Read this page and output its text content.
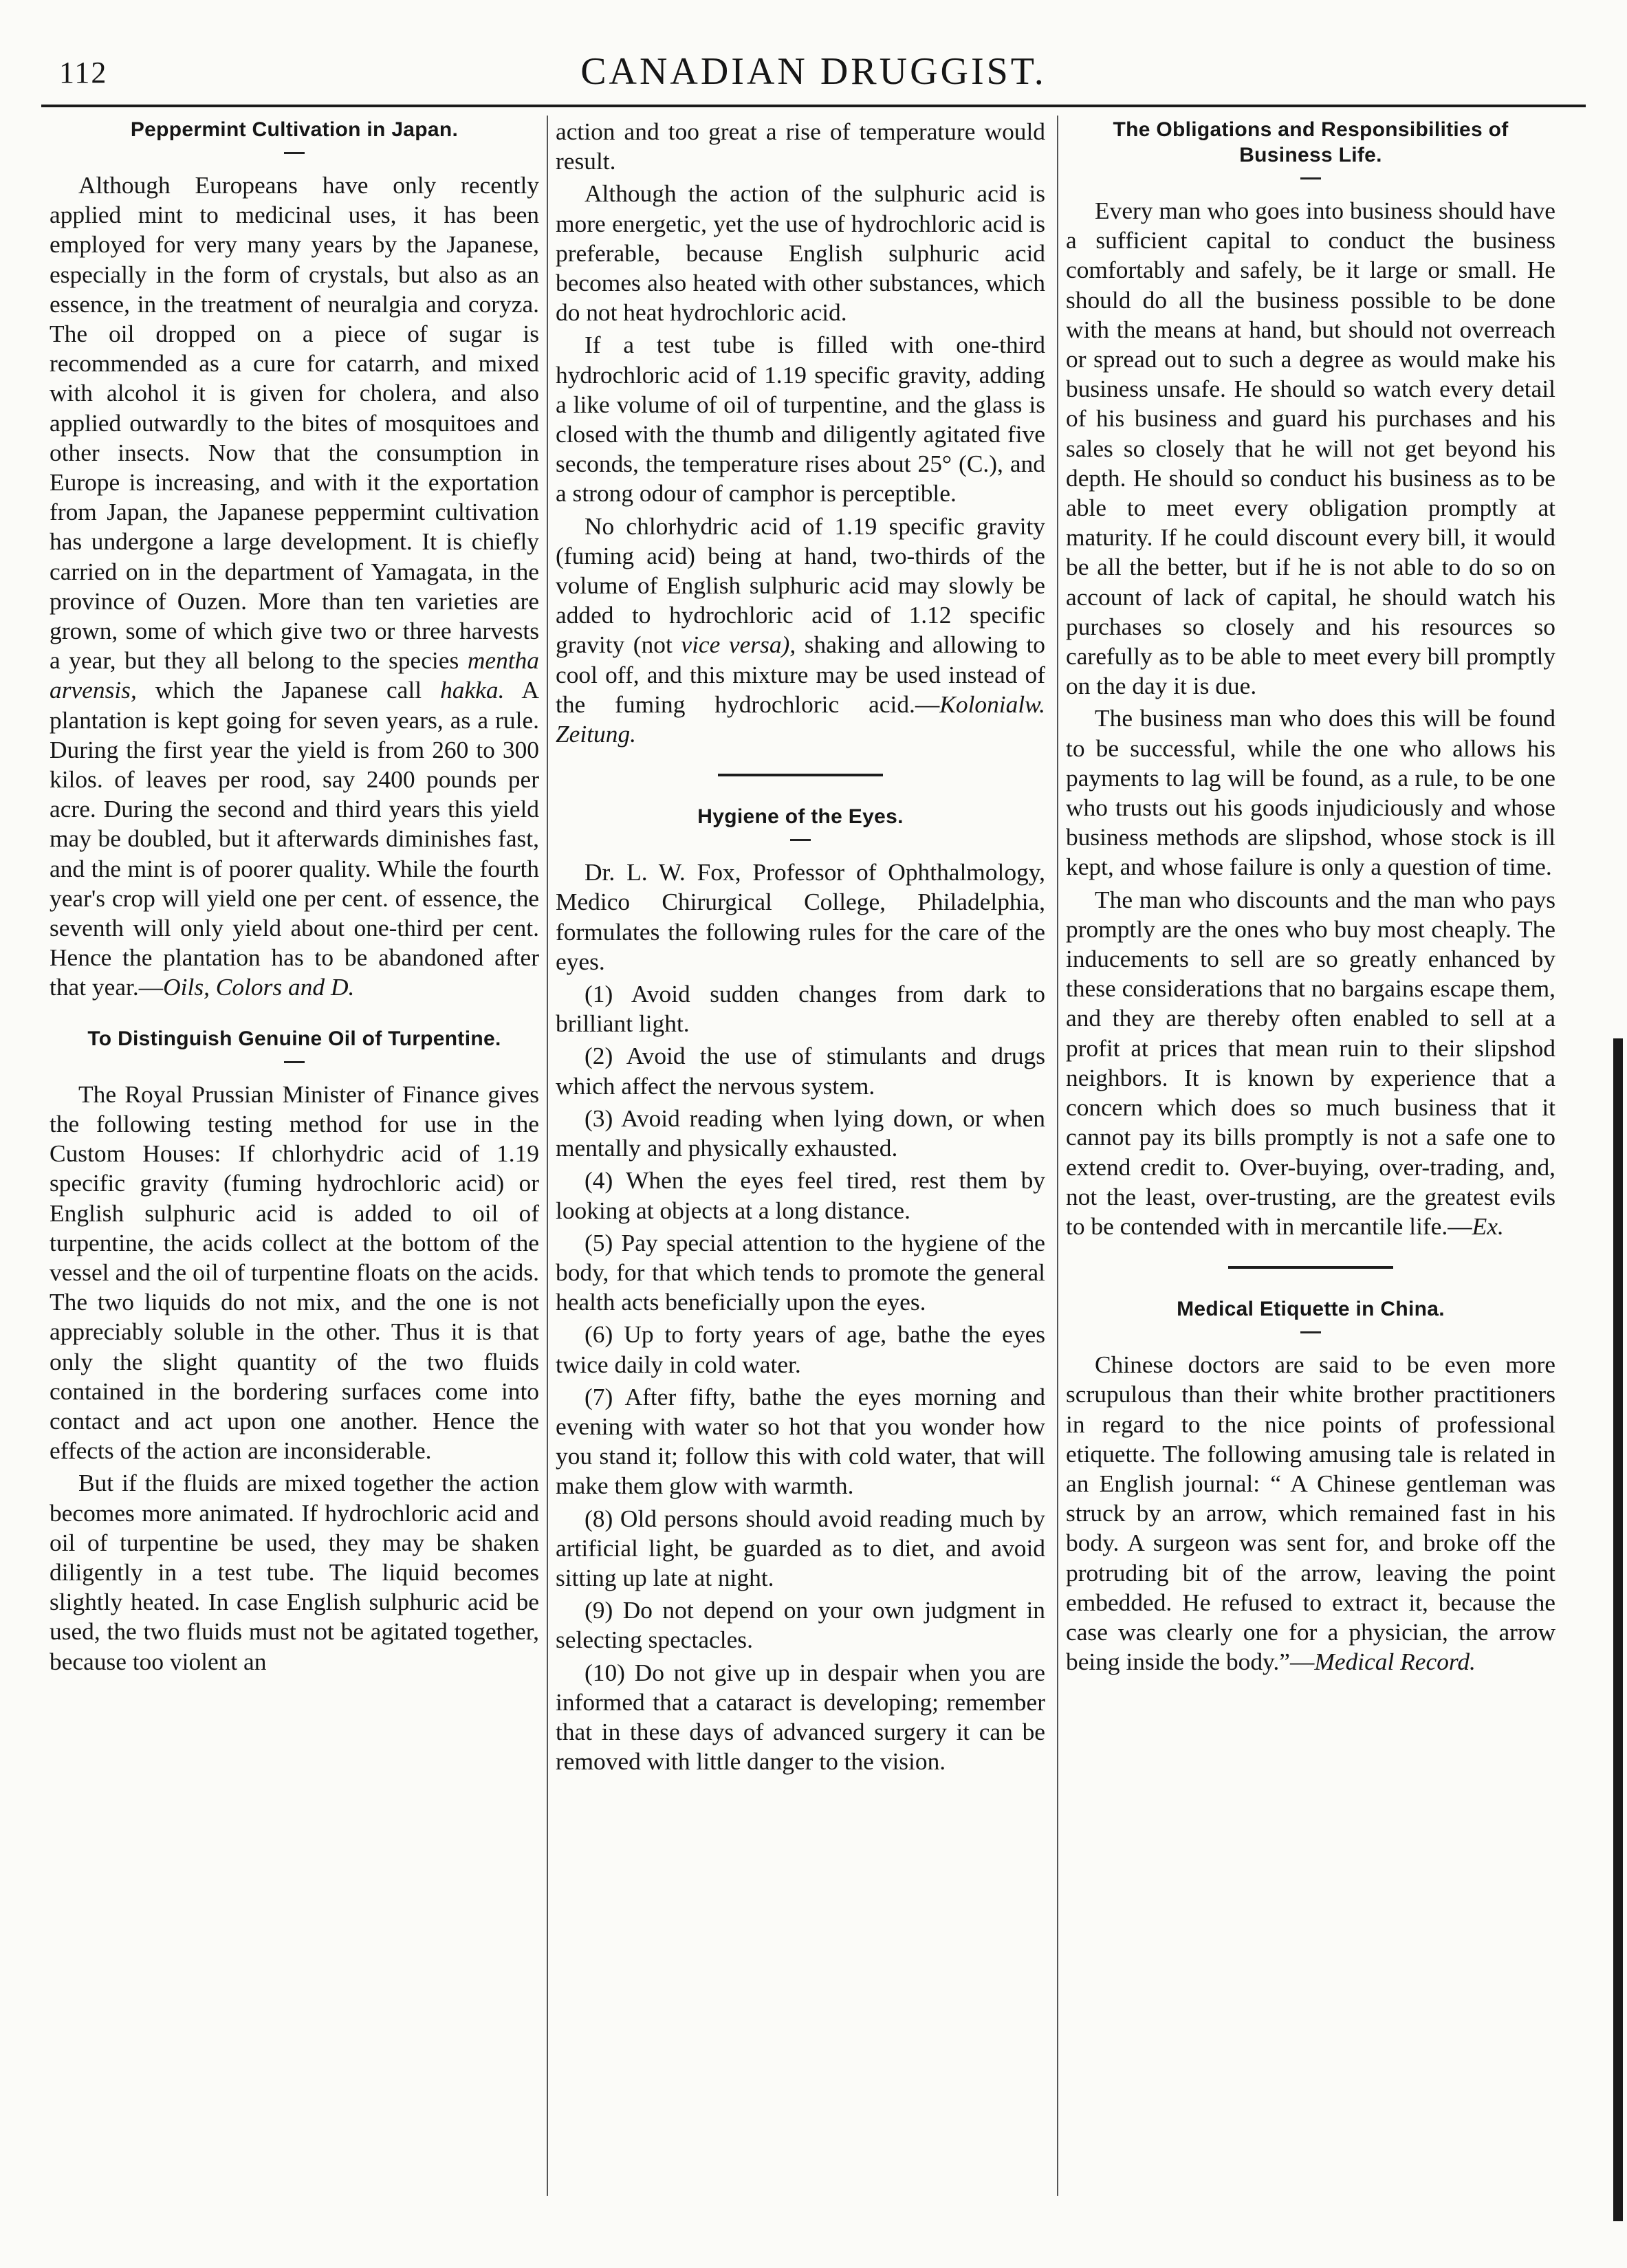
112	CANADIAN DRUGGIST.
Peppermint Cultivation in Japan.

Although Europeans have only recently applied mint to medicinal uses, it has been employed for very many years by the Japanese, especially in the form of crystals, but also as an essence, in the treatment of neuralgia and coryza. The oil dropped on a piece of sugar is recommended as a cure for catarrh, and mixed with alcohol it is given for cholera, and also applied outwardly to the bites of mosquitoes and other insects. Now that the consumption in Europe is increasing, and with it the exportation from Japan, the Japanese peppermint cultivation has undergone a large development. It is chiefly carried on in the department of Yamagata, in the province of Ouzen. More than ten varieties are grown, some of which give two or three harvests a year, but they all belong to the species mentha arvensis, which the Japanese call hakka. A plantation is kept going for seven years, as a rule. During the first year the yield is from 260 to 300 kilos. of leaves per rood, say 2400 pounds per acre. During the second and third years this yield may be doubled, but it afterwards diminishes fast, and the mint is of poorer quality. While the fourth year's crop will yield one per cent. of essence, the seventh will only yield about one-third per cent. Hence the plantation has to be abandoned after that year.—Oils, Colors and D.

To Distinguish Genuine Oil of Turpentine.

The Royal Prussian Minister of Finance gives the following testing method for use in the Custom Houses: If chlorhydric acid of 1.19 specific gravity (fuming hydrochloric acid) or English sulphuric acid is added to oil of turpentine, the acids collect at the bottom of the vessel and the oil of turpentine floats on the acids. The two liquids do not mix, and the one is not appreciably soluble in the other. Thus it is that only the slight quantity of the two fluids contained in the bordering surfaces come into contact and act upon one another. Hence the effects of the action are inconsiderable.

But if the fluids are mixed together the action becomes more animated. If hydrochloric acid and oil of turpentine be used, they may be shaken diligently in a test tube. The liquid becomes slightly heated. In case English sulphuric acid be used, the two fluids must not be agitated together, because too violent an

action and too great a rise of temperature would result.

Although the action of the sulphuric acid is more energetic, yet the use of hydrochloric acid is preferable, because English sulphuric acid becomes also heated with other substances, which do not heat hydrochloric acid.

If a test tube is filled with one-third hydrochloric acid of 1.19 specific gravity, adding a like volume of oil of turpentine, and the glass is closed with the thumb and diligently agitated five seconds, the temperature rises about 25° (C.), and a strong odour of camphor is perceptible.

No chlorhydric acid of 1.19 specific gravity (fuming acid) being at hand, two-thirds of the volume of English sulphuric acid may slowly be added to hydrochloric acid of 1.12 specific gravity (not vice versa), shaking and allowing to cool off, and this mixture may be used instead of the fuming hydrochloric acid.—Kolonialw. Zeitung.

Hygiene of the Eyes.

Dr. L. W. Fox, Professor of Ophthalmology, Medico Chirurgical College, Philadelphia, formulates the following rules for the care of the eyes.

(1) Avoid sudden changes from dark to brilliant light.

(2) Avoid the use of stimulants and drugs which affect the nervous system.

(3) Avoid reading when lying down, or when mentally and physically exhausted.

(4) When the eyes feel tired, rest them by looking at objects at a long distance.

(5) Pay special attention to the hygiene of the body, for that which tends to promote the general health acts beneficially upon the eyes.

(6) Up to forty years of age, bathe the eyes twice daily in cold water.

(7) After fifty, bathe the eyes morning and evening with water so hot that you wonder how you stand it; follow this with cold water, that will make them glow with warmth.

(8) Old persons should avoid reading much by artificial light, be guarded as to diet, and avoid sitting up late at night.

(9) Do not depend on your own judgment in selecting spectacles.

(10) Do not give up in despair when you are informed that a cataract is developing; remember that in these days of advanced surgery it can be removed with little danger to the vision.

The Obligations and Responsibilities of Business Life.

Every man who goes into business should have a sufficient capital to conduct the business comfortably and safely, be it large or small. He should do all the business possible to be done with the means at hand, but should not overreach or spread out to such a degree as would make his business unsafe. He should so watch every detail of his business and guard his purchases and his sales so closely that he will not get beyond his depth. He should so conduct his business as to be able to meet every obligation promptly at maturity. If he could discount every bill, it would be all the better, but if he is not able to do so on account of lack of capital, he should watch his purchases so closely and his resources so carefully as to be able to meet every bill promptly on the day it is due.

The business man who does this will be found to be successful, while the one who allows his payments to lag will be found, as a rule, to be one who trusts out his goods injudiciously and whose business methods are slipshod, whose stock is ill kept, and whose failure is only a question of time.

The man who discounts and the man who pays promptly are the ones who buy most cheaply. The inducements to sell are so greatly enhanced by these considerations that no bargains escape them, and they are thereby often enabled to sell at a profit at prices that mean ruin to their slipshod neighbors. It is known by experience that a concern which does so much business that it cannot pay its bills promptly is not a safe one to extend credit to. Over-buying, over-trading, and, not the least, over-trusting, are the greatest evils to be contended with in mercantile life.—Ex.

Medical Etiquette in China.

Chinese doctors are said to be even more scrupulous than their white brother practitioners in regard to the nice points of professional etiquette. The following amusing tale is related in an English journal: “ A Chinese gentleman was struck by an arrow, which remained fast in his body. A surgeon was sent for, and broke off the protruding bit of the arrow, leaving the point embedded. He refused to extract it, because the case was clearly one for a physician, the arrow being inside the body.”—Medical Record.
